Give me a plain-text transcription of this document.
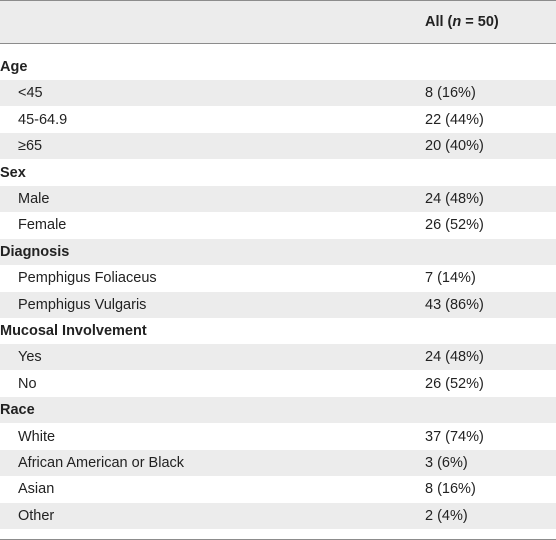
All (n = 50)
Age
<45	8 (16%)
45-64.9	22 (44%)
≥65	20 (40%)
Sex
Male	24 (48%)
Female	26 (52%)
Diagnosis
Pemphigus Foliaceus	7 (14%)
Pemphigus Vulgaris	43 (86%)
Mucosal Involvement
Yes	24 (48%)
No	26 (52%)
Race
White	37 (74%)
African American or Black	3 (6%)
Asian	8 (16%)
Other	2 (4%)
